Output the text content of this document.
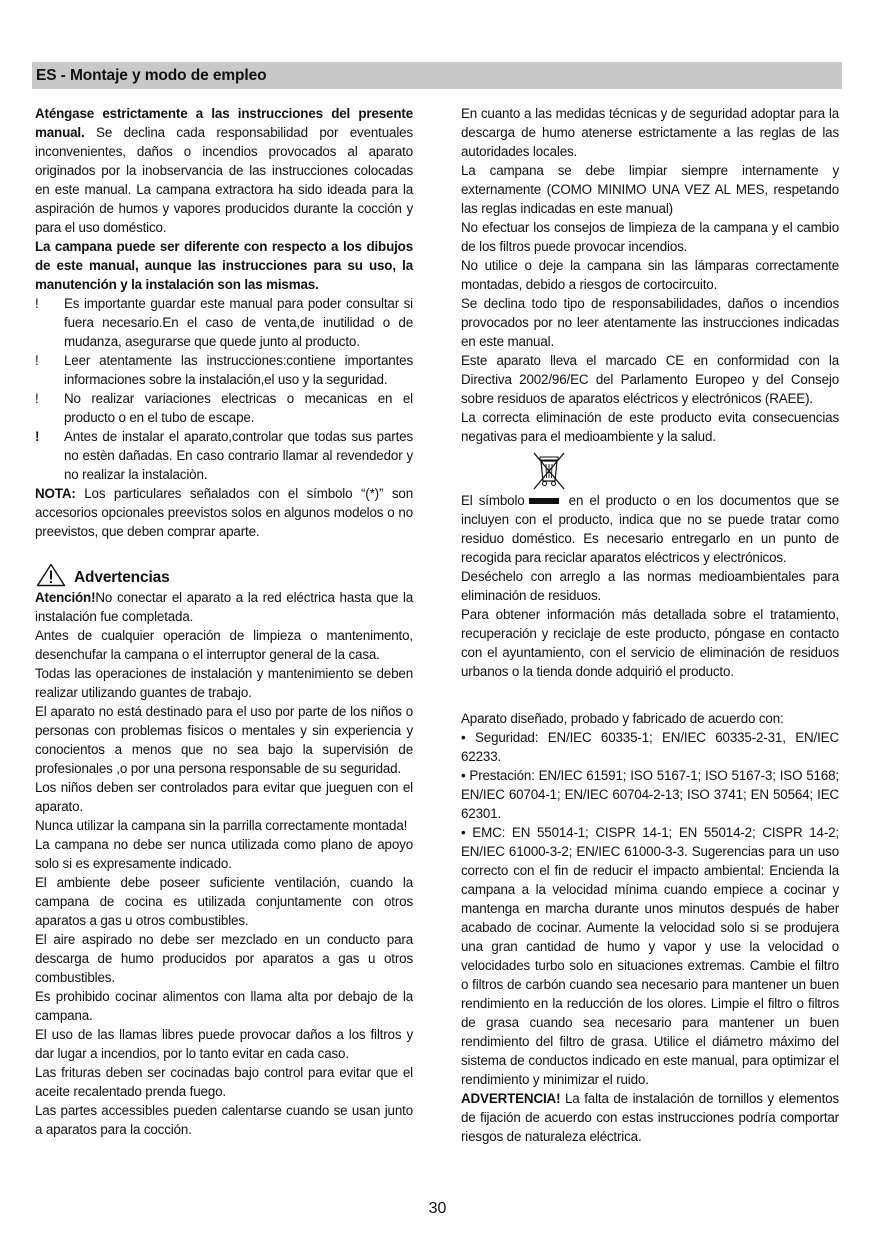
ES - Montaje y modo de empleo

Aténgase estrictamente a las instrucciones del presente manual. Se declina cada responsabilidad por eventuales inconvenientes, daños o incendios provocados al aparato originados por la inobservancia de las instrucciones colocadas en este manual. La campana extractora ha sido ideada para la aspiración de humos y vapores producidos durante la cocción y para el uso doméstico.

La campana puede ser diferente con respecto a los dibujos de este manual, aunque las instrucciones para su uso, la manutención y la instalación son las mismas.

!	Es importante guardar este manual para poder consultar si fuera necesario.En el caso de venta,de inutilidad o de mudanza, asegurarse que quede junto al producto.
!	Leer atentamente las instrucciones:contiene importantes informaciones sobre la instalación,el uso y la seguridad.
!	No realizar variaciones electricas o mecanicas en el producto o en el tubo de escape.
!	Antes de instalar el aparato,controlar que todas sus partes no estèn dañadas. En caso contrario llamar al revendedor y no realizar la instalaciòn.

NOTA: Los particulares señalados con el símbolo “(*)” son accesorios opcionales preevistos solos en algunos modelos o no preevistos, que deben comprar aparte.

Advertencias

Atención!No conectar el aparato a la red eléctrica hasta que la instalación fue completada.

Antes de cualquier operación de limpieza o mantenimento, desenchufar la campana o el interruptor general de la casa.

Todas las operaciones de instalación y mantenimiento se deben realizar utilizando guantes de trabajo.

El aparato no está destinado para el uso por parte de los niños o personas con problemas fisicos o mentales y sin experiencia y conocientos a menos que no sea bajo la supervisión de profesionales ,o por una persona responsable de su seguridad.

Los niños deben ser controlados para evitar que jueguen con el aparato.

Nunca utilizar la campana sin la parrilla correctamente montada!

La campana no debe ser nunca utilizada como plano de apoyo solo si es expresamente indicado.

El ambiente debe poseer suficiente ventilación, cuando la campana de cocina es utilizada conjuntamente con otros aparatos a gas u otros combustibles.

El aire aspirado no debe ser mezclado en un conducto para descarga de humo producidos por aparatos a gas u otros combustibles.

Es prohibido cocinar alimentos con llama alta por debajo de la campana.

El uso de las llamas libres puede provocar daños a los filtros y dar lugar a incendios, por lo tanto evitar en cada caso.

Las frituras deben ser cocinadas bajo control para evitar que el aceite recalentado prenda fuego.

Las partes accessibles pueden calentarse cuando se usan junto a aparatos para la cocción.

En cuanto a las medidas técnicas y de seguridad adoptar para la descarga de humo atenerse estrictamente a las reglas de las autoridades locales.

La campana se debe limpiar siempre internamente y externamente (COMO MINIMO UNA VEZ AL MES, respetando las reglas indicadas en este manual)

No efectuar los consejos de limpieza de la campana y el cambio de los filtros puede provocar incendios.

No utilice o deje la campana sin las lámparas correctamente montadas, debido a riesgos de cortocircuito.

Se declina todo tipo de responsabilidades, daños o incendios provocados por no leer atentamente las instrucciones indicadas en este manual.

Este aparato lleva el marcado CE en conformidad con la Directiva 2002/96/EC del Parlamento Europeo y del Consejo sobre residuos de aparatos eléctricos y electrónicos (RAEE).

La correcta eliminación de este producto evita consecuencias negativas para el medioambiente y la salud.

El símbolo	en el producto o en los documentos que se incluyen con el producto, indica que no se puede tratar como residuo doméstico. Es necesario entregarlo en un punto de recogida para reciclar aparatos eléctricos y electrónicos.

Deséchelo con arreglo a las normas medioambientales para eliminación de residuos.

Para obtener información más detallada sobre el tratamiento, recuperación y reciclaje de este producto, póngase en contacto con el ayuntamiento, con el servicio de eliminación de residuos urbanos o la tienda donde adquirió el producto.

Aparato diseñado, probado y fabricado de acuerdo con:

• Seguridad: EN/IEC 60335-1; EN/IEC 60335-2-31, EN/IEC 62233.

• Prestación: EN/IEC 61591; ISO 5167-1; ISO 5167-3; ISO 5168; EN/IEC 60704-1; EN/IEC 60704-2-13; ISO 3741; EN 50564; IEC 62301.

• EMC: EN 55014-1; CISPR 14-1; EN 55014-2; CISPR 14-2; EN/IEC 61000-3-2; EN/IEC 61000-3-3. Sugerencias para un uso correcto con el fin de reducir el impacto ambiental: Encienda la campana a la velocidad mínima cuando empiece a cocinar y mantenga en marcha durante unos minutos después de haber acabado de cocinar. Aumente la velocidad solo si se produjera una gran cantidad de humo y vapor y use la velocidad o velocidades turbo solo en situaciones extremas. Cambie el filtro o filtros de carbón cuando sea necesario para mantener un buen rendimiento en la reducción de los olores. Limpie el filtro o filtros de grasa cuando sea necesario para mantener un buen rendimiento del filtro de grasa. Utilice el diámetro máximo del sistema de conductos indicado en este manual, para optimizar el rendimiento y minimizar el ruido.

ADVERTENCIA! La falta de instalación de tornillos y elementos de fijación de acuerdo con estas instrucciones podría comportar riesgos de naturaleza eléctrica.

30
